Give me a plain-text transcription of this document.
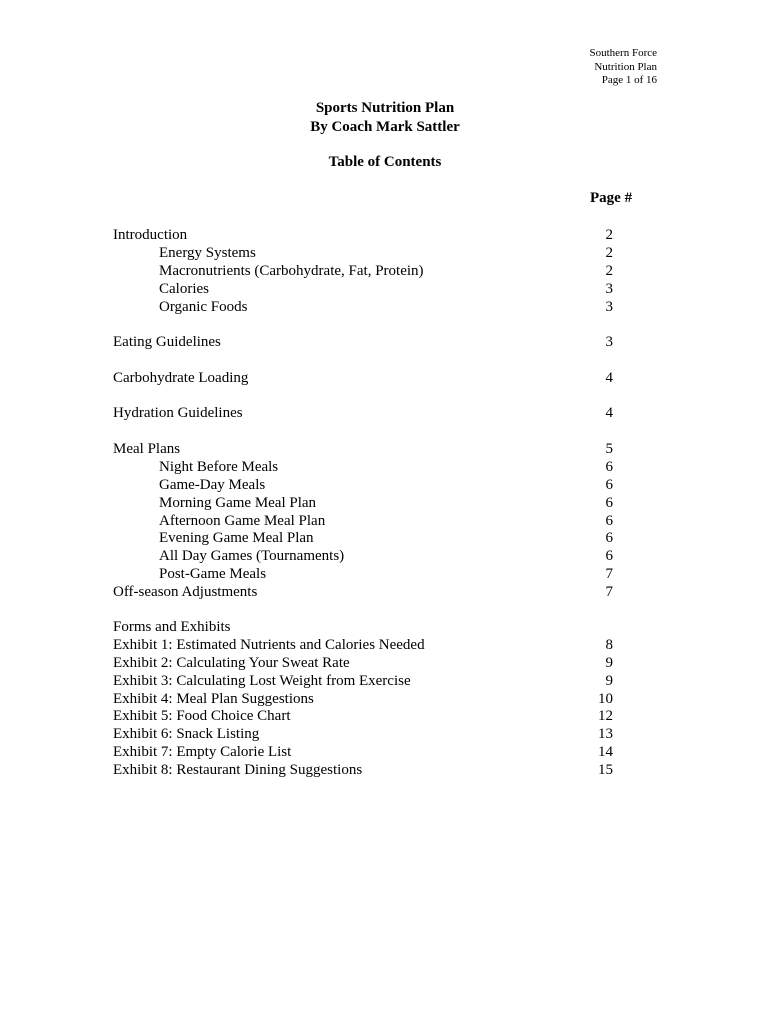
Southern Force
Nutrition Plan
Page 1 of 16
Sports Nutrition Plan
By Coach Mark Sattler
Table of Contents
Page #
Introduction	2
Energy Systems	2
Macronutrients (Carbohydrate, Fat, Protein)	2
Calories	3
Organic Foods	3
Eating Guidelines	3
Carbohydrate Loading	4
Hydration Guidelines	4
Meal Plans	5
Night Before Meals	6
Game-Day Meals	6
Morning Game Meal Plan	6
Afternoon Game Meal Plan	6
Evening Game Meal Plan	6
All Day Games (Tournaments)	6
Post-Game Meals	7
Off-season Adjustments	7
Forms and Exhibits
Exhibit 1: Estimated Nutrients and Calories Needed	8
Exhibit 2: Calculating Your Sweat Rate	9
Exhibit 3: Calculating Lost Weight from Exercise	9
Exhibit 4: Meal Plan Suggestions	10
Exhibit 5: Food Choice Chart	12
Exhibit 6: Snack Listing	13
Exhibit 7: Empty Calorie List	14
Exhibit 8: Restaurant Dining Suggestions	15
